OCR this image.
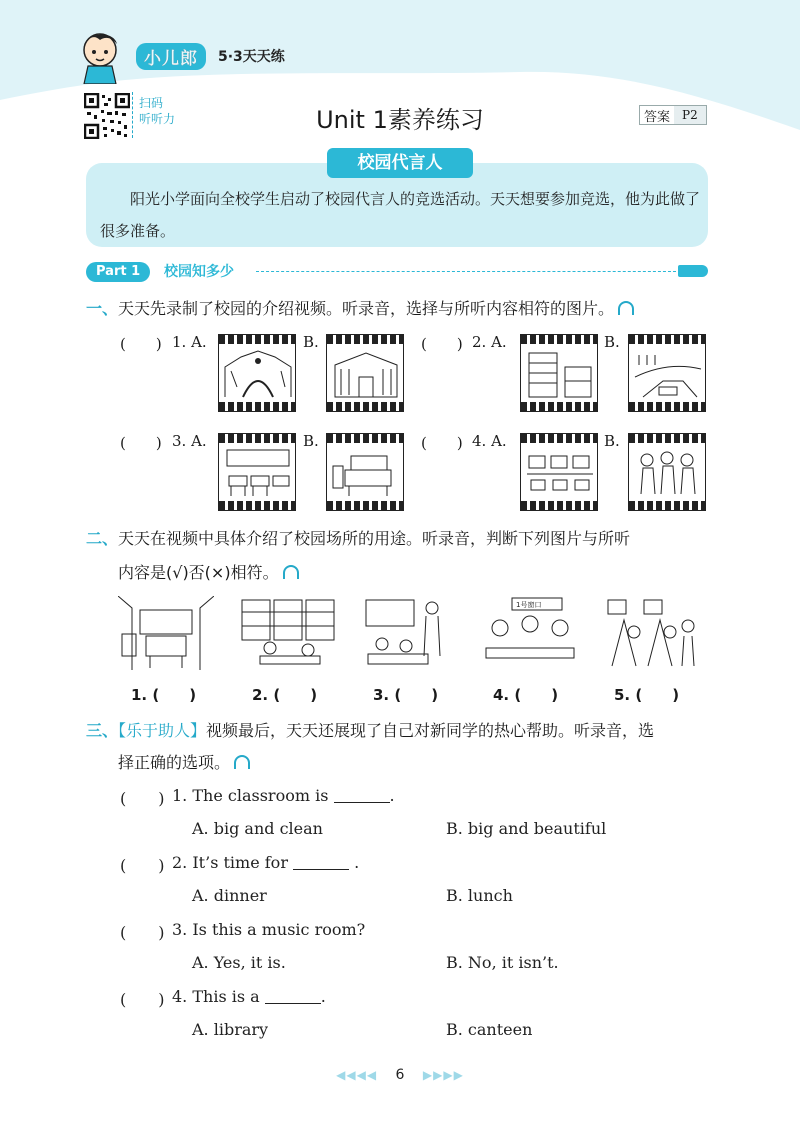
小儿郎	5·3天天练
扫码
听听力	Unit 1素养练习	答案	P2
校园代言人
阳光小学面向全校学生启动了校园代言人的竞选活动。天天想要参加竞选，他为此做了很多准备。
Part 1	校园知多少
一、天天先录制了校园的介绍视频。听录音，选择与所听内容相符的图片。
(　　) 1. A.	B.	(　　) 2. A.	B.
(　　) 3. A.	B.	(　　) 4. A.	B.
二、天天在视频中具体介绍了校园场所的用途。听录音，判断下列图片与所听
内容是(√)否(×)相符。
1号窗口
1. (　　)	2. (　　)	3. (　　)	4. (　　)	5. (　　)
三、【乐于助人】视频最后，天天还展现了自己对新同学的热心帮助。听录音，选
择正确的选项。
(　　) 1. The classroom is	.
A. big and clean	B. big and beautiful
(　　) 2. It’s time for	.
A. dinner	B. lunch
(　　) 3. Is this a music room?
A. Yes, it is.	B. No, it isn’t.
(　　) 4. This is a	.
A. library	B. canteen
◀◀◀◀ 6 ▶▶▶▶
